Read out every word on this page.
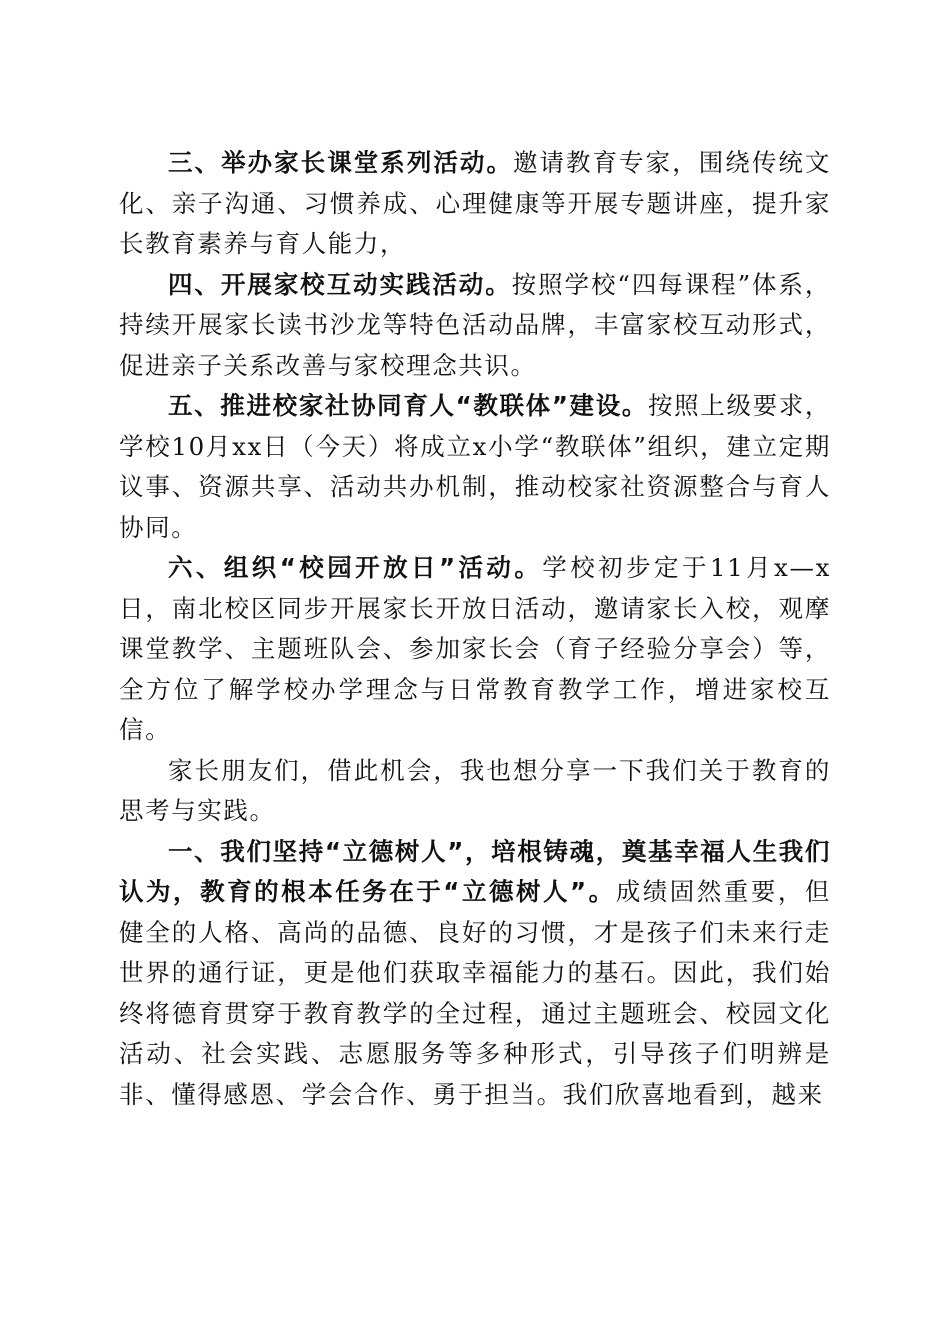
三、举办家长课堂系列活动。邀请教育专家，围绕传统文化、亲子沟通、习惯养成、心理健康等开展专题讲座，提升家长教育素养与育人能力，

四、开展家校互动实践活动。按照学校“四每课程”体系，持续开展家长读书沙龙等特色活动品牌，丰富家校互动形式，促进亲子关系改善与家校理念共识。

五、推进校家社协同育人“教联体”建设。按照上级要求，学校10月xx日（今天）将成立x小学“教联体”组织，建立定期议事、资源共享、活动共办机制，推动校家社资源整合与育人协同。

六、组织“校园开放日”活动。学校初步定于11月x—x日，南北校区同步开展家长开放日活动，邀请家长入校，观摩课堂教学、主题班队会、参加家长会（育子经验分享会）等，全方位了解学校办学理念与日常教育教学工作，增进家校互信。

家长朋友们，借此机会，我也想分享一下我们关于教育的思考与实践。

一、我们坚持“立德树人”，培根铸魂，奠基幸福人生我们认为，教育的根本任务在于“立德树人”。成绩固然重要，但健全的人格、高尚的品德、良好的习惯，才是孩子们未来行走世界的通行证，更是他们获取幸福能力的基石。因此，我们始终将德育贯穿于教育教学的全过程，通过主题班会、校园文化活动、社会实践、志愿服务等多种形式，引导孩子们明辨是非、懂得感恩、学会合作、勇于担当。我们欣喜地看到，越来
